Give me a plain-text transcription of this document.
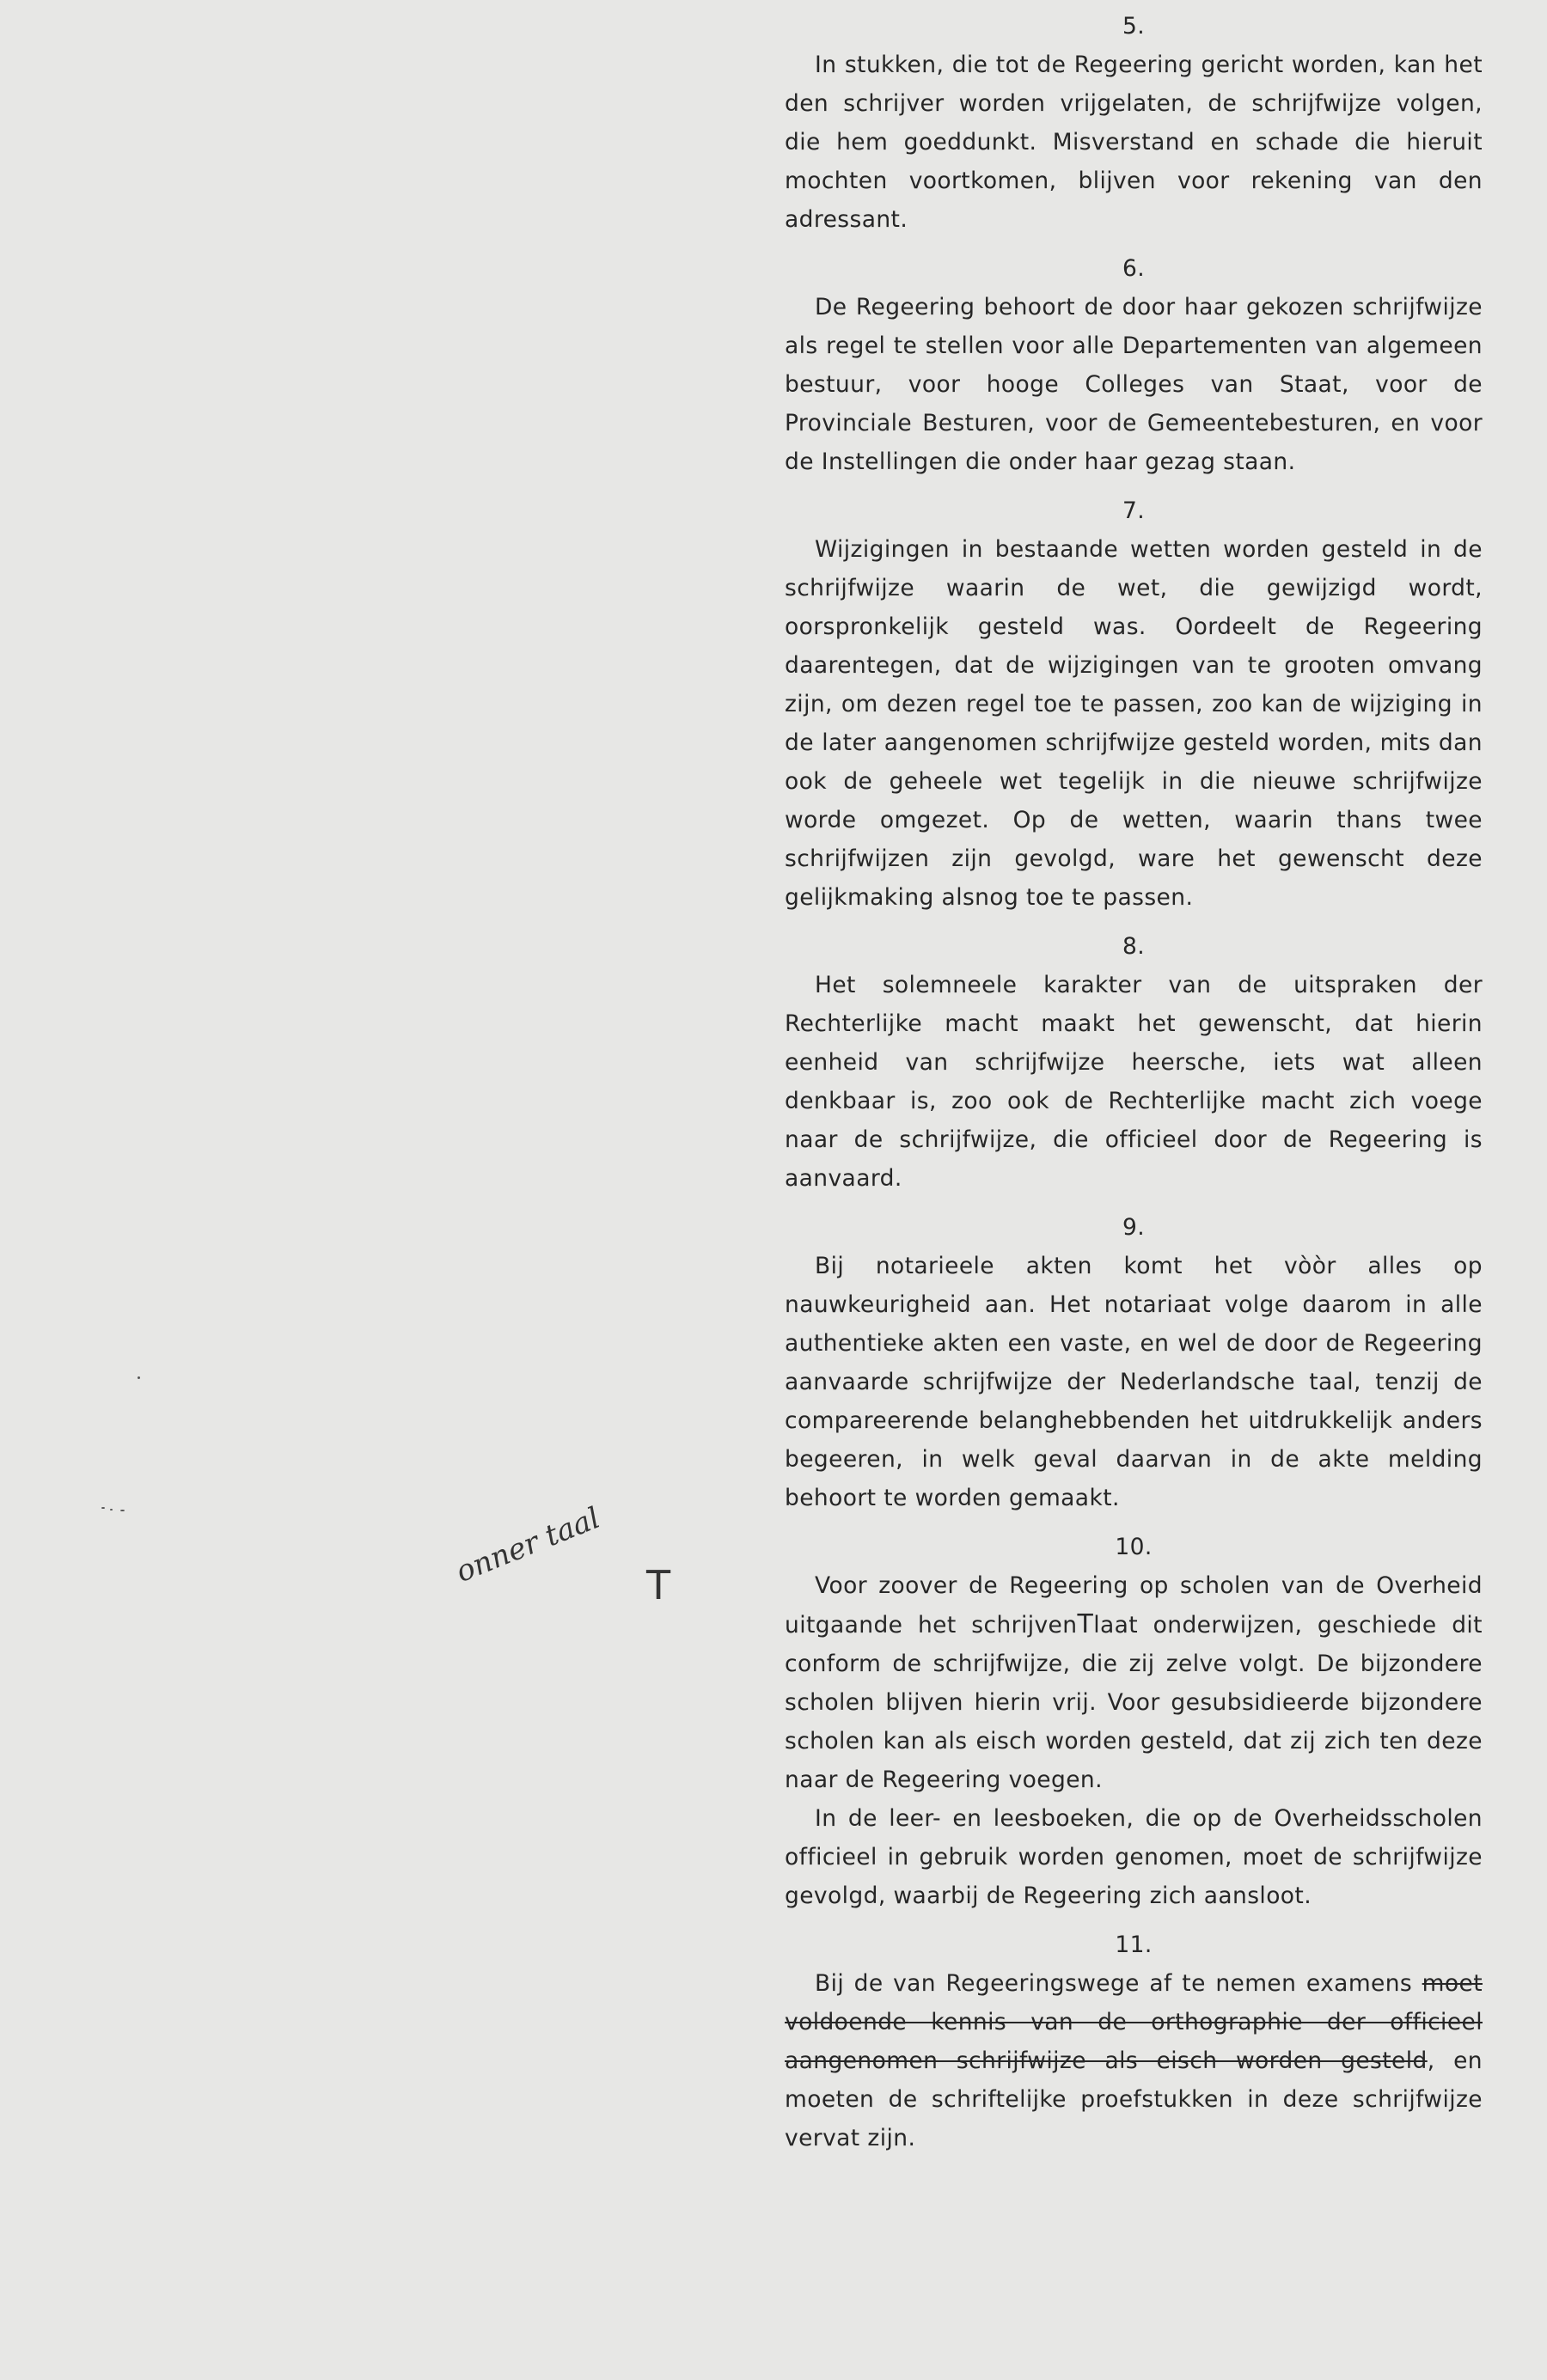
onner taal T

5.

In stukken, die tot de Regeering gericht worden, kan het den schrijver worden vrijgelaten, de schrijfwijze volgen, die hem goeddunkt. Misverstand en schade die hieruit mochten voortkomen, blijven voor rekening van den adressant.

6.

De Regeering behoort de door haar gekozen schrijfwijze als regel te stellen voor alle Departementen van algemeen bestuur, voor hooge Colleges van Staat, voor de Provinciale Besturen, voor de Gemeentebesturen, en voor de Instellingen die onder haar gezag staan.

7.

Wijzigingen in bestaande wetten worden gesteld in de schrijfwijze waarin de wet, die gewijzigd wordt, oorspronkelijk gesteld was. Oordeelt de Regeering daarentegen, dat de wijzigingen van te grooten omvang zijn, om dezen regel toe te passen, zoo kan de wijziging in de later aangenomen schrijfwijze gesteld worden, mits dan ook de geheele wet tegelijk in die nieuwe schrijfwijze worde omgezet. Op de wetten, waarin thans twee schrijfwijzen zijn gevolgd, ware het gewenscht deze gelijkmaking alsnog toe te passen.

8.

Het solemneele karakter van de uitspraken der Rechterlijke macht maakt het gewenscht, dat hierin eenheid van schrijfwijze heersche, iets wat alleen denkbaar is, zoo ook de Rechterlijke macht zich voege naar de schrijfwijze, die officieel door de Regeering is aanvaard.

9.

Bij notarieele akten komt het vòòr alles op nauwkeurigheid aan. Het notariaat volge daarom in alle authentieke akten een vaste, en wel de door de Regeering aanvaarde schrijfwijze der Nederlandsche taal, tenzij de compareerende belanghebbenden het uitdrukkelijk anders begeeren, in welk geval daarvan in de akte melding behoort te worden gemaakt.

10.

Voor zoover de Regeering op scholen van de Overheid uitgaande het schrijvenTlaat onderwijzen, geschiede dit conform de schrijfwijze, die zij zelve volgt. De bijzondere scholen blijven hierin vrij. Voor gesubsidieerde bijzondere scholen kan als eisch worden gesteld, dat zij zich ten deze naar de Regeering voegen.

In de leer- en leesboeken, die op de Overheidsscholen officieel in gebruik worden genomen, moet de schrijfwijze gevolgd, waarbij de Regeering zich aansloot.

11.

Bij de van Regeeringswege af te nemen examens moet voldoende kennis van de orthographie der officieel aangenomen schrijfwijze als eisch worden gesteld, en moeten de schriftelijke proefstukken in deze schrijfwijze vervat zijn.
